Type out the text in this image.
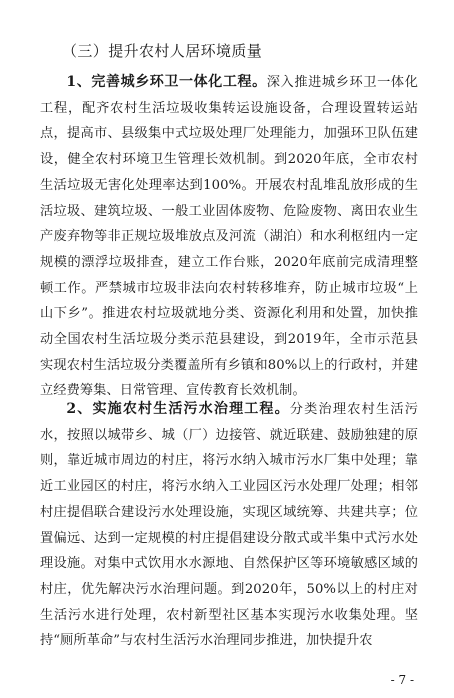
（三）提升农村人居环境质量
1、完善城乡环卫一体化工程。深入推进城乡环卫一体化工程，配齐农村生活垃圾收集转运设施设备，合理设置转运站点，提高市、县级集中式垃圾处理厂处理能力，加强环卫队伍建设，健全农村环境卫生管理长效机制。到2020年底，全市农村生活垃圾无害化处理率达到100%。开展农村乱堆乱放形成的生活垃圾、建筑垃圾、一般工业固体废物、危险废物、离田农业生产废弃物等非正规垃圾堆放点及河流（湖泊）和水利枢纽内一定规模的漂浮垃圾排查，建立工作台账，2020年底前完成清理整顿工作。严禁城市垃圾非法向农村转移堆弃，防止城市垃圾“上山下乡”。推进农村垃圾就地分类、资源化利用和处置，加快推动全国农村生活垃圾分类示范县建设，到2019年，全市示范县实现农村生活垃圾分类覆盖所有乡镇和80%以上的行政村，并建立经费筹集、日常管理、宣传教育长效机制。
2、实施农村生活污水治理工程。分类治理农村生活污水，按照以城带乡、城（厂）边接管、就近联建、鼓励独建的原则，靠近城市周边的村庄，将污水纳入城市污水厂集中处理；靠近工业园区的村庄，将污水纳入工业园区污水处理厂处理；相邻村庄提倡联合建设污水处理设施，实现区域统筹、共建共享；位置偏远、达到一定规模的村庄提倡建设分散式或半集中式污水处理设施。对集中式饮用水水源地、自然保护区等环境敏感区域的村庄，优先解决污水治理问题。到2020年，50%以上的村庄对生活污水进行处理，农村新型社区基本实现污水收集处理。坚持“厕所革命”与农村生活污水治理同步推进，加快提升农
- 7 -
